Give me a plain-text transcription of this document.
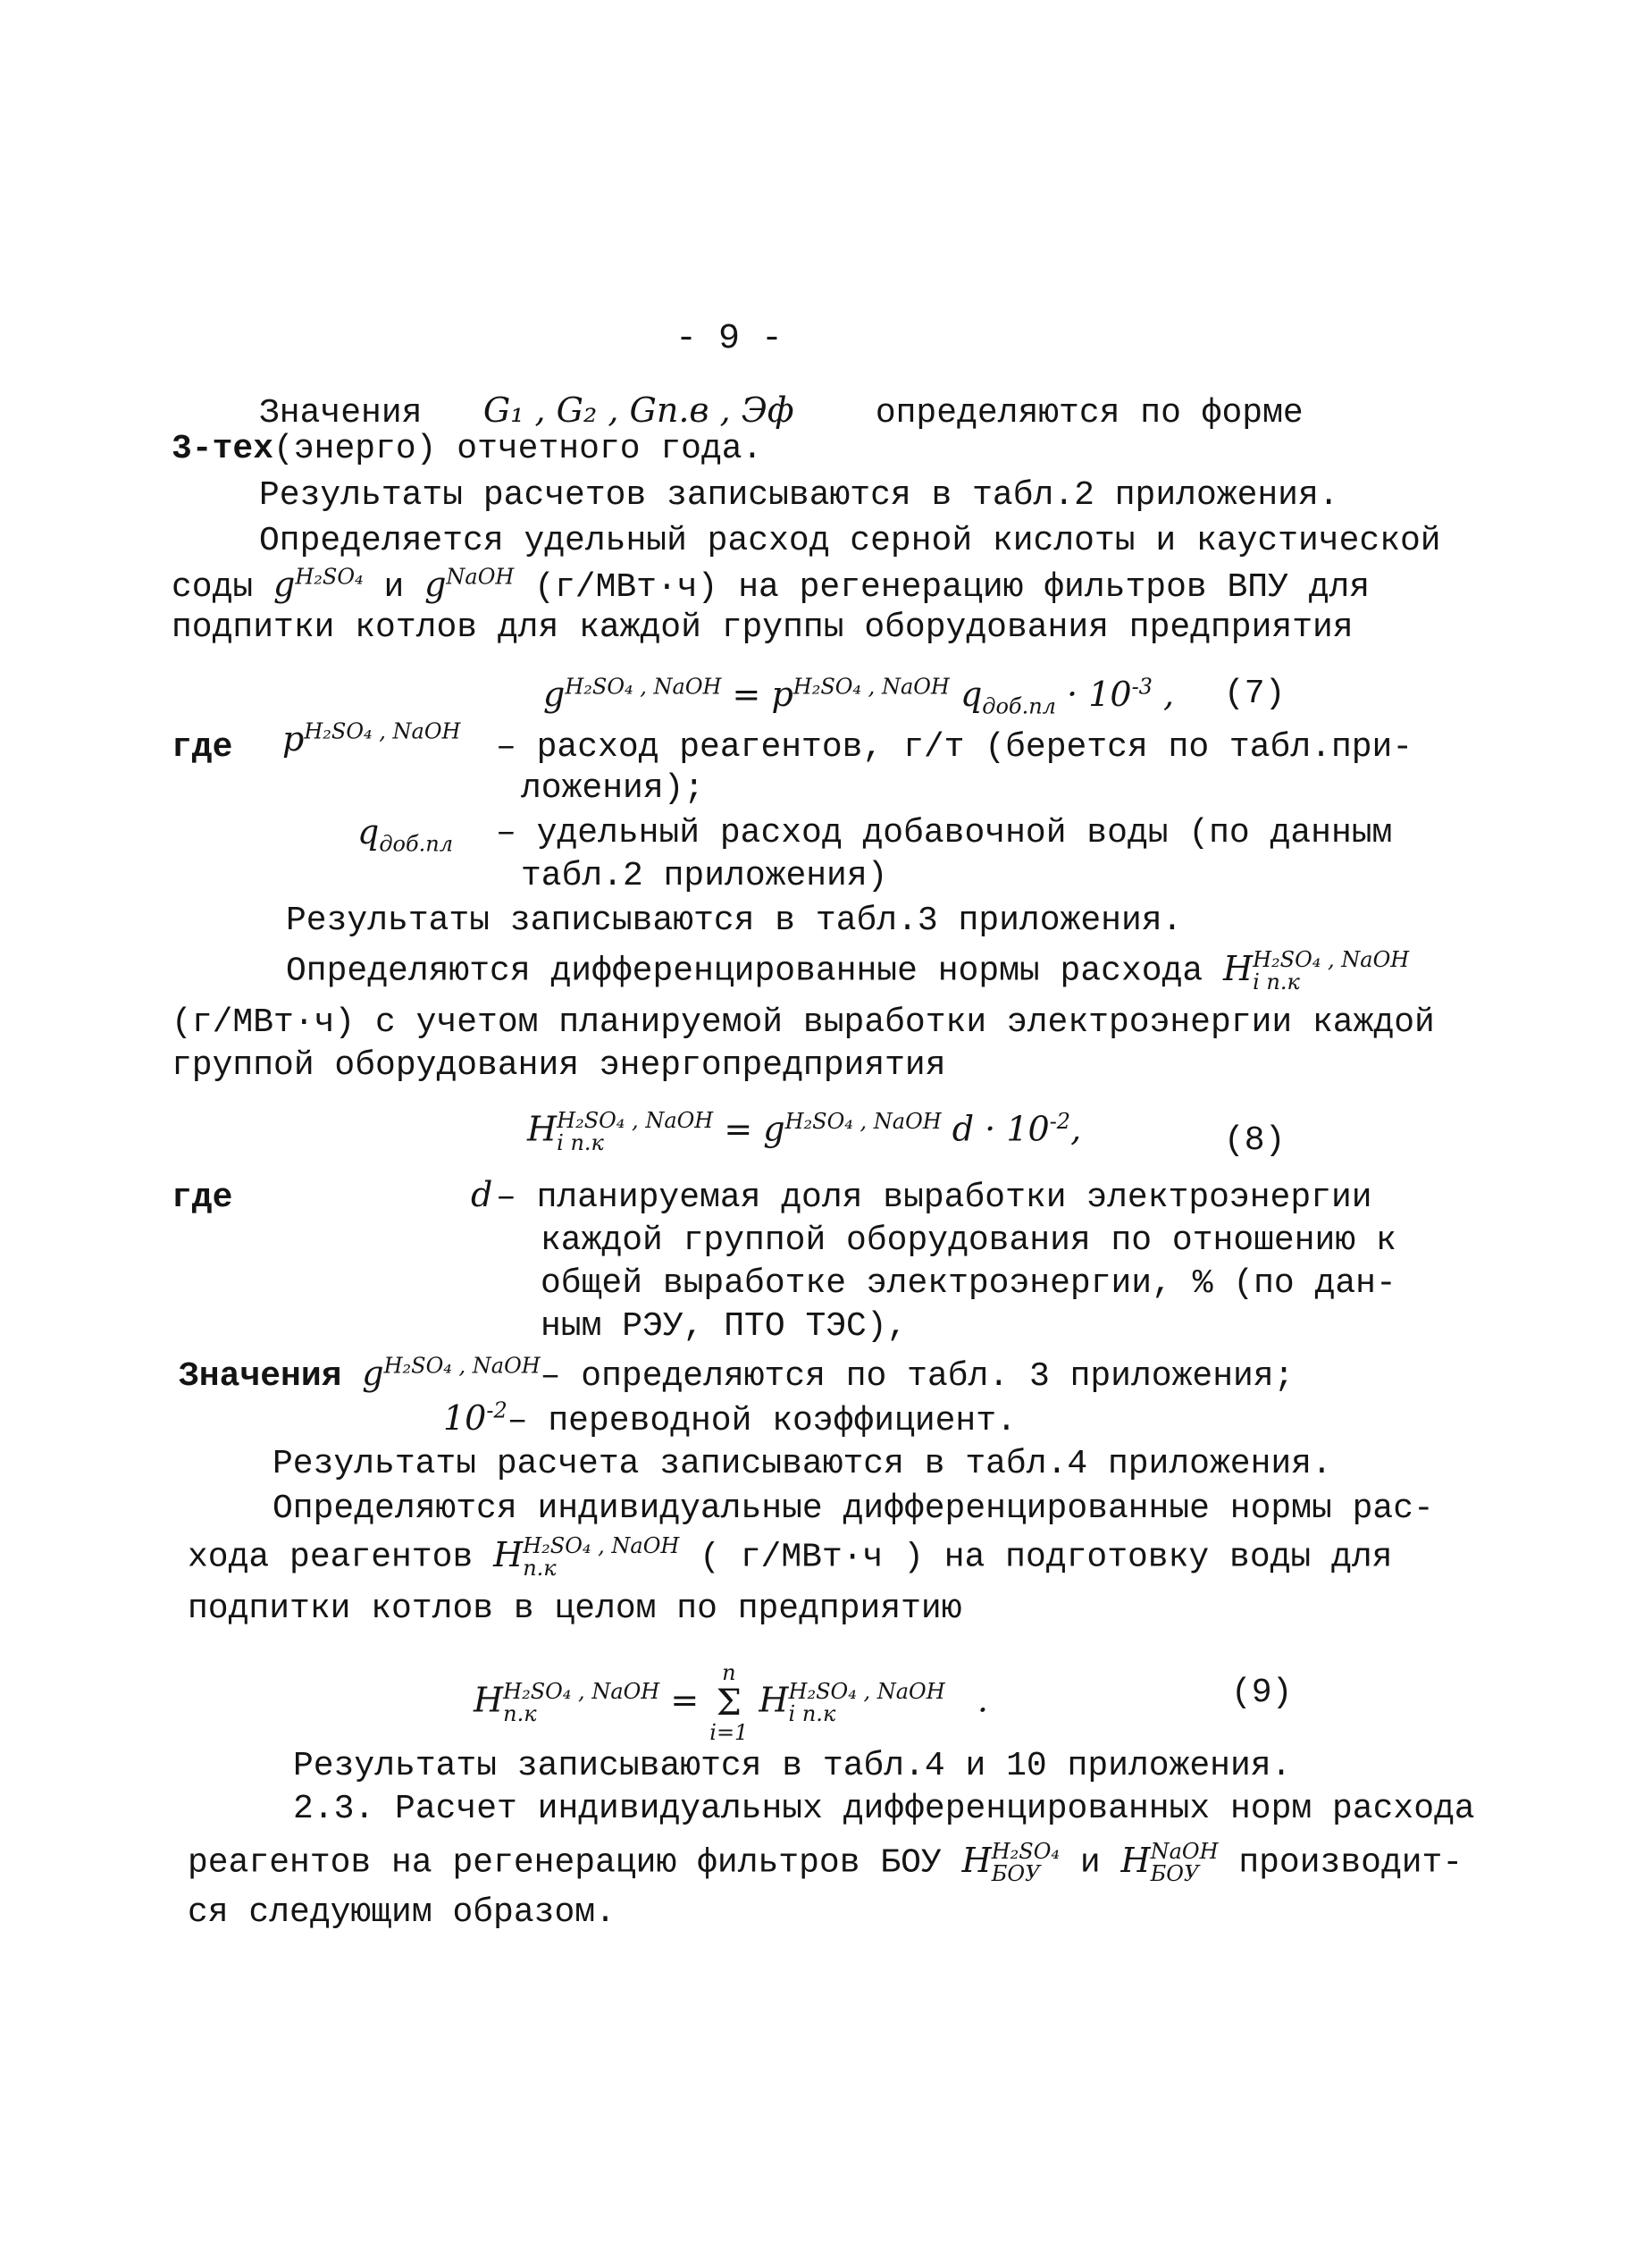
- 9 -
Значения G₁ , G₂ , Gп.в , Эф определяются по форме
3-тех(энерго) отчетного года.
Результаты расчетов записываются в табл.2 приложения.
Определяется удельный расход серной кислоты и каустической
соды $g^{H_2SO_4}$ и $g^{NaOH}$ (г/МВт·ч) на регенерацию фильтров ВПУ для
подпитки котлов для каждой группы оборудования предприятия
$g^{H_2SO_4 , NaOH} = p^{H_2SO_4 , NaOH}$ $q_{доб.пл} \cdot 10^{-3}$ , (7)
где $p^{H_2SO_4 , NaOH}$ – расход реагентов, г/т (берется по табл.при-
ложения);
$q_{доб.пл}$ – удельный расход добавочной воды (по данным
табл.2 приложения)
Результаты записываются в табл.3 приложения.
Определяются дифференцированные нормы расхода H H₂SO₄ , NaOH
i п.к
(г/МВт·ч) с учетом планируемой выработки электроэнергии каждой
группой оборудования энергопредприятия
H H₂SO₄ , NaOH
i п.к	= $g^{H_2SO_4 , NaOH}$ $d \cdot 10^{-2}$,	(8)
где	d – планируемая доля выработки электроэнергии
каждой группой оборудования по отношению к
общей выработке электроэнергии, % (по дан-
ным РЭУ, ПТО ТЭС),
Значения $g^{H_2SO_4 , NaOH}-$ определяются по табл. 3 приложения;
$10^{-2}-$ переводной коэффициент.
Результаты расчета записываются в табл.4 приложения.
Определяются индивидуальные дифференцированные нормы рас-
хода реагентов H H₂SO₄ , NaOH
п.к	( г/МВт·ч ) на подготовку воды для
подпитки котлов в целом по предприятию
H H₂SO₄ , NaOH
п.к	=
n
Σ
i=1
H H₂SO₄ , NaOH
i п.к	.	(9)
Результаты записываются в табл.4 и 10 приложения.
2.3. Расчет индивидуальных дифференцированных норм расхода
реагентов на регенерацию фильтров БОУ H H₂SO₄
БОУ	и H NaOH
БОУ	производит-
ся следующим образом.
